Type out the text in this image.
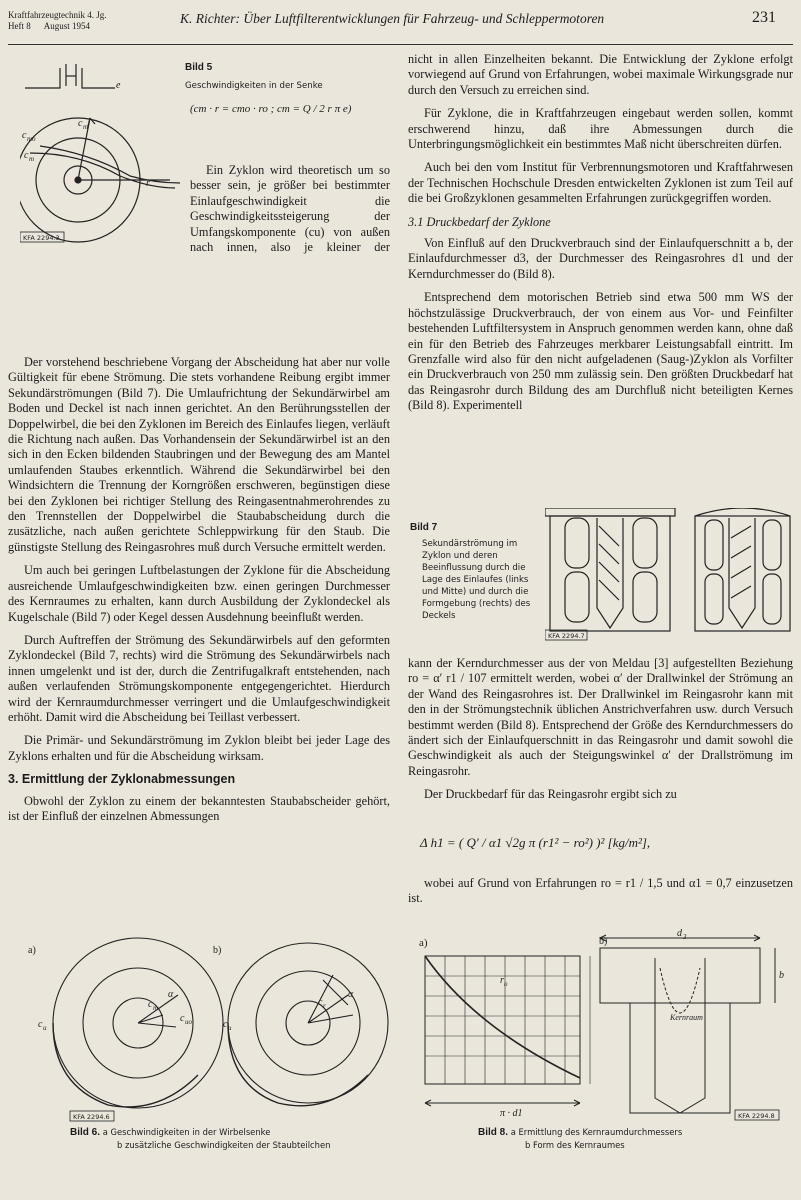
Kraftfahrzeugtechnik 4. Jg.
Heft 8      August 1954	K. Richter: Über Luftfilterentwicklungen für Fahrzeug- und Schleppermotoren	231
c mo
c m
c m
r
e
KFA 2294.3
Bild 5
Geschwindigkeiten in der Senke
(cm · r = cmo · ro ; cm = Q / 2 r π e)

Ein Zyklon wird theoretisch um so besser sein, je größer bei bestimmter Einlaufgeschwindigkeit die Geschwindigkeitssteigerung der Umfangskomponente (cu) von außen nach innen, also je kleiner der

Der vorstehend beschriebene Vorgang der Abscheidung hat aber nur volle Gültigkeit für ebene Strömung. Die stets vorhandene Reibung ergibt immer Sekundärströmungen (Bild 7). Die Umlaufrichtung der Sekundärwirbel am Boden und Deckel ist nach innen gerichtet. An den Berührungsstellen der Doppelwirbel, die bei den Zyklonen im Bereich des Einlaufes liegen, verläuft die Richtung nach außen. Das Vorhandensein der Sekundärwirbel ist an den sich in den Ecken bildenden Staubringen und der Bewegung des am Mantel umlaufenden Staubes erkenntlich. Während die Sekundärwirbel bei den Windsichtern die Trennung der Korngrößen erschweren, begünstigen diese bei den Zyklonen bei richtiger Stellung des Reingasentnahmerohrendes zu den Trennstellen der Doppelwirbel die Staubabscheidung durch die zusätzliche, nach außen gerichtete Schleppwirkung für den Staub. Die günstigste Stellung des Reingasrohres muß durch Versuche ermittelt werden.

Um auch bei geringen Luftbelastungen der Zyklone für die Abscheidung ausreichende Umlaufgeschwindigkeiten bzw. einen geringen Durchmesser des Kernraumes zu erhalten, kann durch Ausbildung der Zyklondeckel als Kugelschale (Bild 7) oder Kegel dessen Ausdehnung beeinflußt werden.

Durch Auftreffen der Strömung des Sekundärwirbels auf den geformten Zyklondeckel (Bild 7, rechts) wird die Strömung des Sekundärwirbels nach innen umgelenkt und ist der, durch die Zentrifugalkraft entstehenden, nach außen verlaufenden Strömungskomponente entgegengerichtet. Hierdurch wird der Kernraumdurchmesser verringert und die Umlaufgeschwindigkeit erhöht. Damit wird die Abscheidung bei Teillast verbessert.

Die Primär- und Sekundärströmung im Zyklon bleibt bei jeder Lage des Zyklons erhalten und für die Abscheidung wirksam.

3. Ermittlung der Zyklonabmessungen

Obwohl der Zyklon zu einem der bekanntesten Staubabscheider gehört, ist der Einfluß der einzelnen Abmessungen

nicht in allen Einzelheiten bekannt. Die Entwicklung der Zyklone erfolgt vorwiegend auf Grund von Erfahrungen, wobei maximale Wirkungsgrade nur durch den Versuch zu erreichen sind.

Für Zyklone, die in Kraftfahrzeugen eingebaut werden sollen, kommt erschwerend hinzu, daß ihre Abmessungen durch die Unterbringungsmöglichkeit ein bestimmtes Maß nicht überschreiten dürfen.

Auch bei den vom Institut für Verbrennungsmotoren und Kraftfahrwesen der Technischen Hochschule Dresden entwickelten Zyklonen ist zum Teil auf die bei Großzyklonen gesammelten Erfahrungen zurückgegriffen worden.

3.1 Druckbedarf der Zyklone

Von Einfluß auf den Druckverbrauch sind der Einlaufquerschnitt a b, der Einlaufdurchmesser d3, der Durchmesser des Reingasrohres d1 und der Kerndurchmesser do (Bild 8).

Entsprechend dem motorischen Betrieb sind etwa 500 mm WS der höchstzulässige Druckverbrauch, der von einem aus Vor- und Feinfilter bestehenden Luftfiltersystem in Anspruch genommen werden kann, ohne daß ein für den Betrieb des Fahrzeuges merkbarer Leistungsabfall eintritt. Im Grenzfalle wird also für den nicht aufgeladenen (Saug-)Zyklon als Vorfilter ein Druckverbrauch von 250 mm zulässig sein. Den größten Druckbedarf hat das Reingasrohr durch Bildung des am Durchfluß nicht beteiligten Kernes (Bild 8). Experimentell

Bild 7
Sekundärströmung im Zyklon und deren Beeinflussung durch die Lage des Einlaufes (links und Mitte) und durch die Formgebung (rechts) des Deckels
KFA 2294.7

kann der Kerndurchmesser aus der von Meldau [3] aufgestellten Beziehung ro = α′ r1 / 107 ermittelt werden, wobei α′ der Drallwinkel der Strömung an der Wand des Reingasrohres ist. Der Drallwinkel im Reingasrohr kann mit den in der Strömungstechnik üblichen Anstrichverfahren usw. durch Versuch bestimmt werden (Bild 8). Entsprechend der Größe des Kerndurchmessers do ändert sich der Einlaufquerschnitt in das Reingasrohr und damit sowohl die Geschwindigkeit als auch der Steigungswinkel α′ der Drallströmung im Reingasrohr.

Der Druckbedarf für das Reingasrohr ergibt sich zu

Δ h1 = ( Q′ / α1 √2g π (r1² − ro²) )² [kg/m²],

wobei auf Grund von Erfahrungen ro = r1 / 1,5 und α1 = 0,7 einzusetzen ist.

a)	b)
c u
c m
c uo
α	α
c u
c r
KFA 2294.6
Bild 6. a Geschwindigkeiten in der Wirbelsenke
b zusätzliche Geschwindigkeiten der Staubteilchen
a)
r o
π · d1
b)
d 3
b
Kernraum
KFA 2294.8
Bild 8. a Ermittlung des Kernraumdurchmessers
b Form des Kernraumes
